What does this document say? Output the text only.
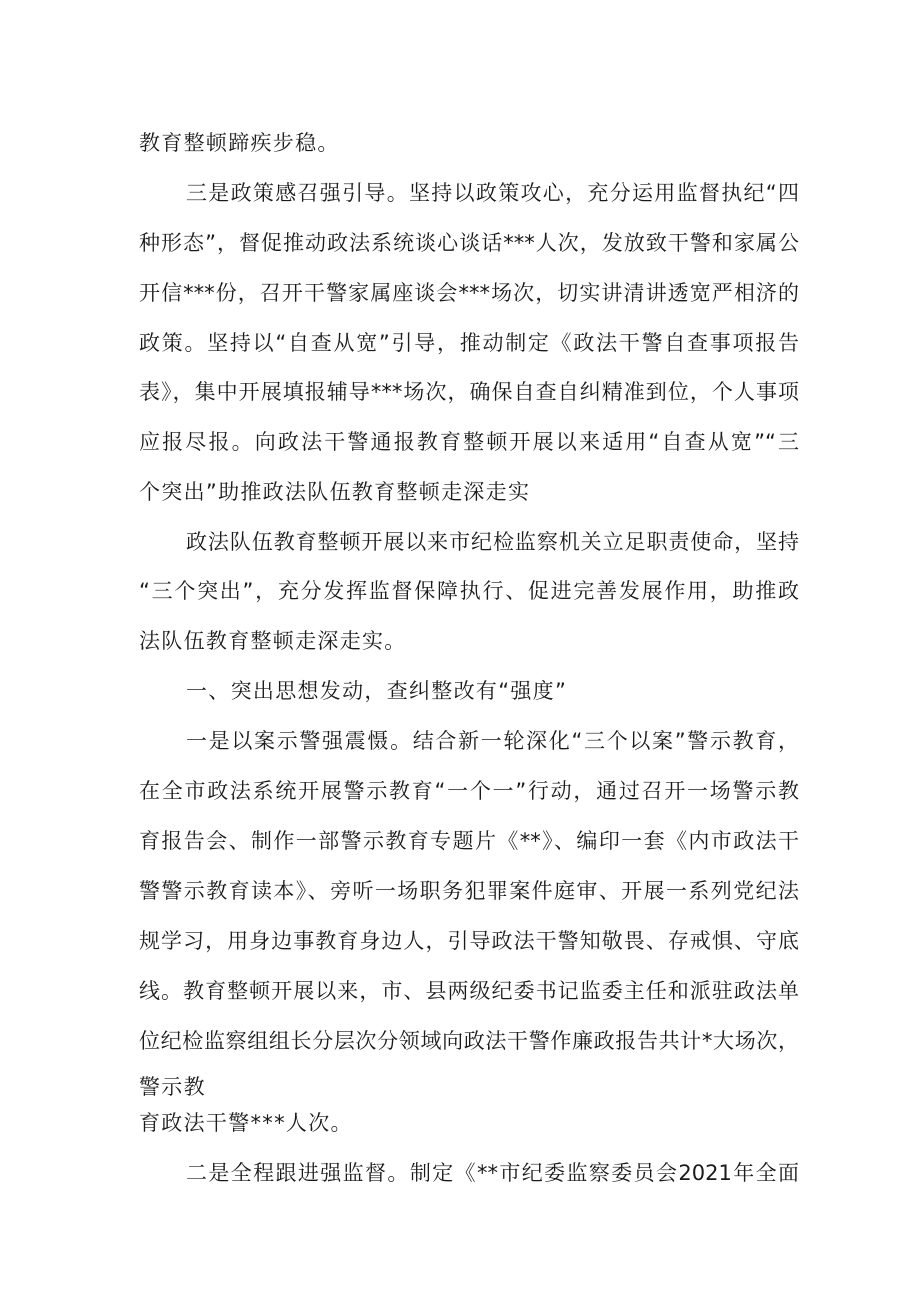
教育整顿蹄疾步稳。
三是政策感召强引导。坚持以政策攻心，充分运用监督执纪“四
种形态”，督促推动政法系统谈心谈话***人次，发放致干警和家属公
开信***份，召开干警家属座谈会***场次，切实讲清讲透宽严相济的
政策。坚持以“自查从宽”引导，推动制定《政法干警自查事项报告
表》，集中开展填报辅导***场次，确保自查自纠精准到位，个人事项
应报尽报。向政法干警通报教育整顿开展以来适用“自查从宽”“三
个突出”助推政法队伍教育整顿走深走实
政法队伍教育整顿开展以来市纪检监察机关立足职责使命，坚持
“三个突出”，充分发挥监督保障执行、促进完善发展作用，助推政
法队伍教育整顿走深走实。
一、突出思想发动，查纠整改有“强度”
一是以案示警强震慑。结合新一轮深化“三个以案”警示教育，
在全市政法系统开展警示教育“一个一”行动，通过召开一场警示教
育报告会、制作一部警示教育专题片《**》、编印一套《内市政法干
警警示教育读本》、旁听一场职务犯罪案件庭审、开展一系列党纪法
规学习，用身边事教育身边人，引导政法干警知敬畏、存戒惧、守底
线。教育整顿开展以来，市、县两级纪委书记监委主任和派驻政法单
位纪检监察组组长分层次分领域向政法干警作廉政报告共计*大场次，
警示教
育政法干警***人次。
二是全程跟进强监督。制定《**市纪委监察委员会2021年全面
